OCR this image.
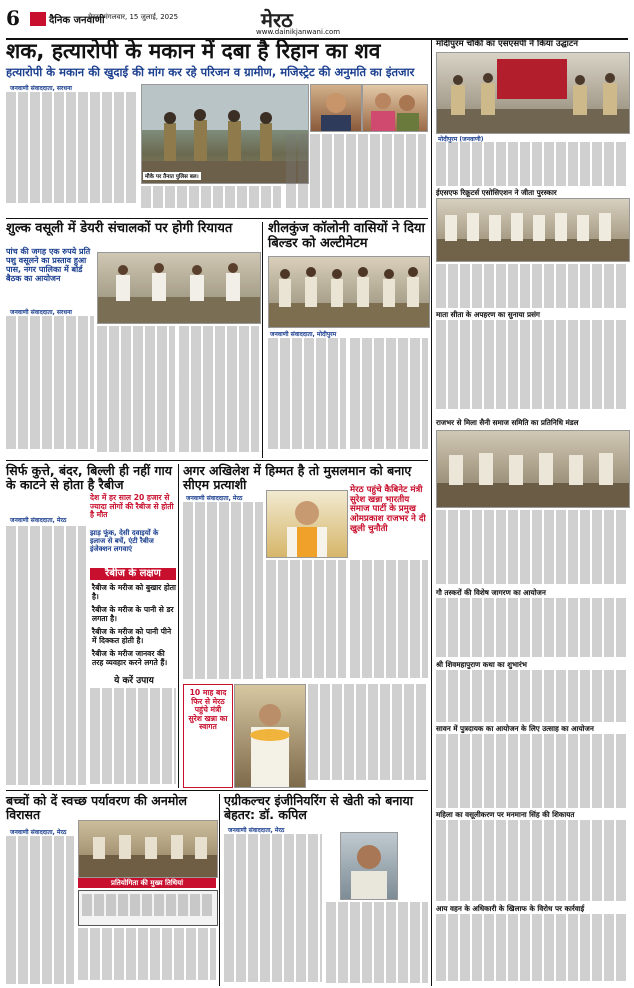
6	दैनिक जनवाणी
मेरठ, मंगलवार, 15 जुलाई, 2025	मेरठ
www.dainikjanwani.com
शक, हत्यारोपी के मकान में दबा है रिहान का शव
हत्यारोपी के मकान की खुदाई की मांग कर रहे परिजन व ग्रामीण, मजिस्ट्रेट की अनुमति का इंतजार
जनवाणी संवाददाता, सरधना
मौके पर तैनात पुलिस बल।
शुल्क वसूली में डेयरी संचालकों पर होगी रियायत
पांच की जगह एक रुपये प्रति पशु वसूलने का प्रस्ताव हुआ पास, नगर पालिका में बोर्ड बैठक का आयोजन
जनवाणी संवाददाता, सरधना
शीलकुंज कॉलोनी वासियों ने दिया बिल्डर को अल्टीमेटम
जनवाणी संवाददाता, मोदीपुरम
सिर्फ कुत्ते, बंदर, बिल्ली ही नहीं गाय के काटने से होता है रैबीज
जनवाणी संवाददाता, मेरठ
देश में हर साल 20 हजार से ज्यादा लोगों की रैबीज से होती है मौत
झाड़ फूंक, देसी दवाइयों के इलाज से बचें, एंटी रैबीज इंजेक्शन लगवाएं
रैबीज के लक्षण
रैबीज के मरीज को बुखार होता है।
रैबीज के मरीज के पानी से डर लगता है।
रैबीज के मरीज को पानी पीने में दिक्कत होती है।
रैबीज के मरीज जानवर की तरह व्यवहार करने लगते हैं।
ये करें उपाय
अगर अखिलेश में हिम्मत है तो मुसलमान को बनाए सीएम प्रत्याशी
जनवाणी संवाददाता, मेरठ
मेरठ पहुंचे कैबिनेट मंत्री सुरेश खन्ना भारतीय समाज पार्टी के प्रमुख ओमप्रकाश राजभर ने दी खुली चुनौती
10 माह बाद फिर से मेरठ पहुंचे मंत्री सुरेश खन्ना का स्वागत
बच्चों को दें स्वच्छ पर्यावरण की अनमोल विरासत
जनवाणी संवाददाता, मेरठ
प्रतियोगिता की मुख्य तिथियां
एग्रीकल्चर इंजीनियरिंग से खेती को बनाया बेहतर: डॉ. कपिल
जनवाणी संवाददाता, मेरठ
मोदीपुरम चौकी का एसएसपी ने किया उद्घाटन
मोदीपुरम (जनवाणी)
ईएसएफ रिक्रूटर्स एसोसिएशन ने जीता पुरस्कार
माता सीता के अपहरण का सुनाया प्रसंग
राजभर से मिला सैनी समाज समिति का प्रतिनिधि मंडल
गौ तस्करों की विशेष जागरण का आयोजन
श्री शिवमहापुराण कथा का शुभारंभ
सावन में पुत्रदायक का आयोजन के लिए उत्साह का आयोजन
महिला का वसूलीकरण पर मनमाना सिंह की शिकायत
आय वहन के अधिकारी के खिलाफ के विरोध पर कार्रवाई
